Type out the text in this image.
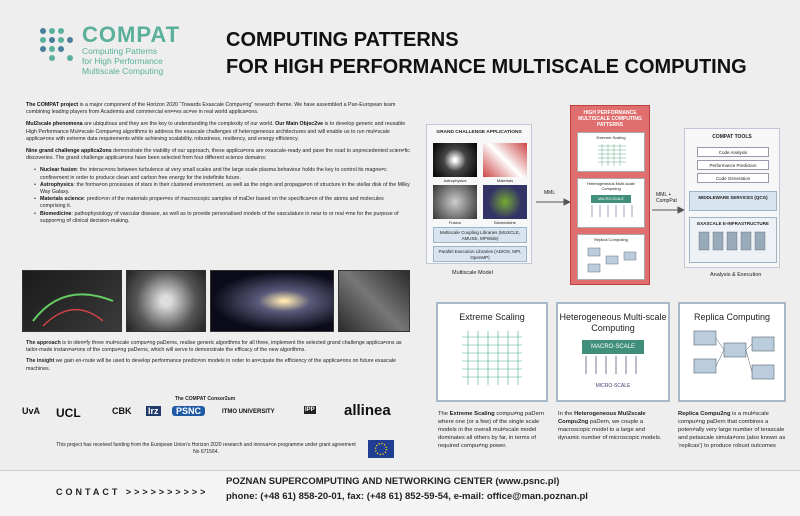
COMPAT
Computing Patterns
for High Performance
Multiscale Computing
COMPUTING PATTERNS
FOR HIGH PERFORMANCE MULTISCALE COMPUTING

The COMPAT project is a major component of the Horizon 2020 “Towards Exascale Compu≠ng” research theme. We have assembled a Pan-European team combining leading players from Academia and commercial en≠≠es ac≠ve in real world applica≠ons.

Mul2scale phenomena are ubiquitous and they are the key to understanding the complexity of our world. Our Main Objec2ve is to develop generic and reusable High Performance Mul≠scale Compu≠ng algorithms to address the exascale challenges of heterogeneous architectures and will enable us to run mul≠scale applica≠ons with extreme data requirements while achieving scalability, robustness, resiliency, and energy efficiency.

Nine grand challenge applica2ons demonstrate the viability of our approach, these applica≠ons are exascale-ready and pave the road to unprecedented scien≠fic discoveries. The grand challenge applica≠ons have been selected from four different science domains:

• Nuclear fusion: the interac≠ons between turbulence at very small scales and the large scale plasma behaviour holds the key to control its magne≠c confinement in order to produce clean and carbon free energy for the indefinite future.
• Astrophysics: the forma≠on processes of stars in their clustered environment, as well as the origin and propaga≠on of structure in the stellar disk of the Milky Way Galaxy.
• Materials science: predic≠on of the materials proper≠es of macroscopic samples of maDer based on the specifica≠on of the atoms and molecules comprising it.
• Biomedicine: pathophysiology of vascular disease, as well as to provide personalised models of the vasculature in near to or real ≠me for the purpose of suppor≠ng of clinical decision-making.

The approach is to iden≠fy three mul≠scale compu≠ng paDerns, realise generic algorithms for all three, implement the selected grand challenge applica≠ons as tailor-made instan≠a≠ons of the compu≠ng paDerns, which will serve to demonstrate the efficacy of the new algorithms.

The insight we gain en-route will be used to develop performance predic≠on models in order to an≠cipate the efficiency of the applica≠ons on future exascale machines.

The COMPAT Consor2um
UvA UCL	CBK lrz	PSNC	ITMO UNIVERSITY	IPP allinea
This project has received funding from the European Union’s Horizon 2020 research and innova≠on programme under grant agreement No 671564.
GRAND CHALLENGE APPLICATIONS
Astrophysics	Materials
Fusion	Biomedicine
Multiscale Coupling Libraries (MUSCLE, AMUSE, MPWide)
Parallel Execution Libraries (ADIOS, MPI, OpenMP)
Multiscale Model
MML
HIGH PERFORMANCE MULTISCALE COMPUTING PATTERNS
Extreme Scaling
Heterogeneous Multi-scale Computing
MACRO-SCALE
Replica Computing
MML + CompPat
COMPAT TOOLS
Code Analysis
Performance Prediction
Code Generation
MIDDLEWARE SERVICES (QCG)
EXASCALE E-INFRASTRUCTURE
Analysis & Execution
Extreme Scaling	Heterogeneous Multi-scale Computing
MACRO-SCALE
MICRO-SCALE
Replica Computing
The Extreme Scaling compu≠ng paDern where one (or a few) of the single scale models in the overall mul≠scale model dominates all others by far, in terms of required compu≠ng power.
In the Heterogeneous Mul2scale Compu2ng paDern, we couple a macroscopic model to a large and dynamic number of microscopic models.
Replica Compu2ng is a mul≠scale compu≠ng paDern that combines a poten≠ally very large number of terascale and petascale simula≠ons (also known as ‘replicas’) to produce robust outcomes
CONTACT >>>>>>>>>>
POZNAN SUPERCOMPUTING AND NETWORKING CENTER (www.psnc.pl)
phone: (+48 61) 858-20-01, fax: (+48 61) 852-59-54, e-mail: office@man.poznan.pl
